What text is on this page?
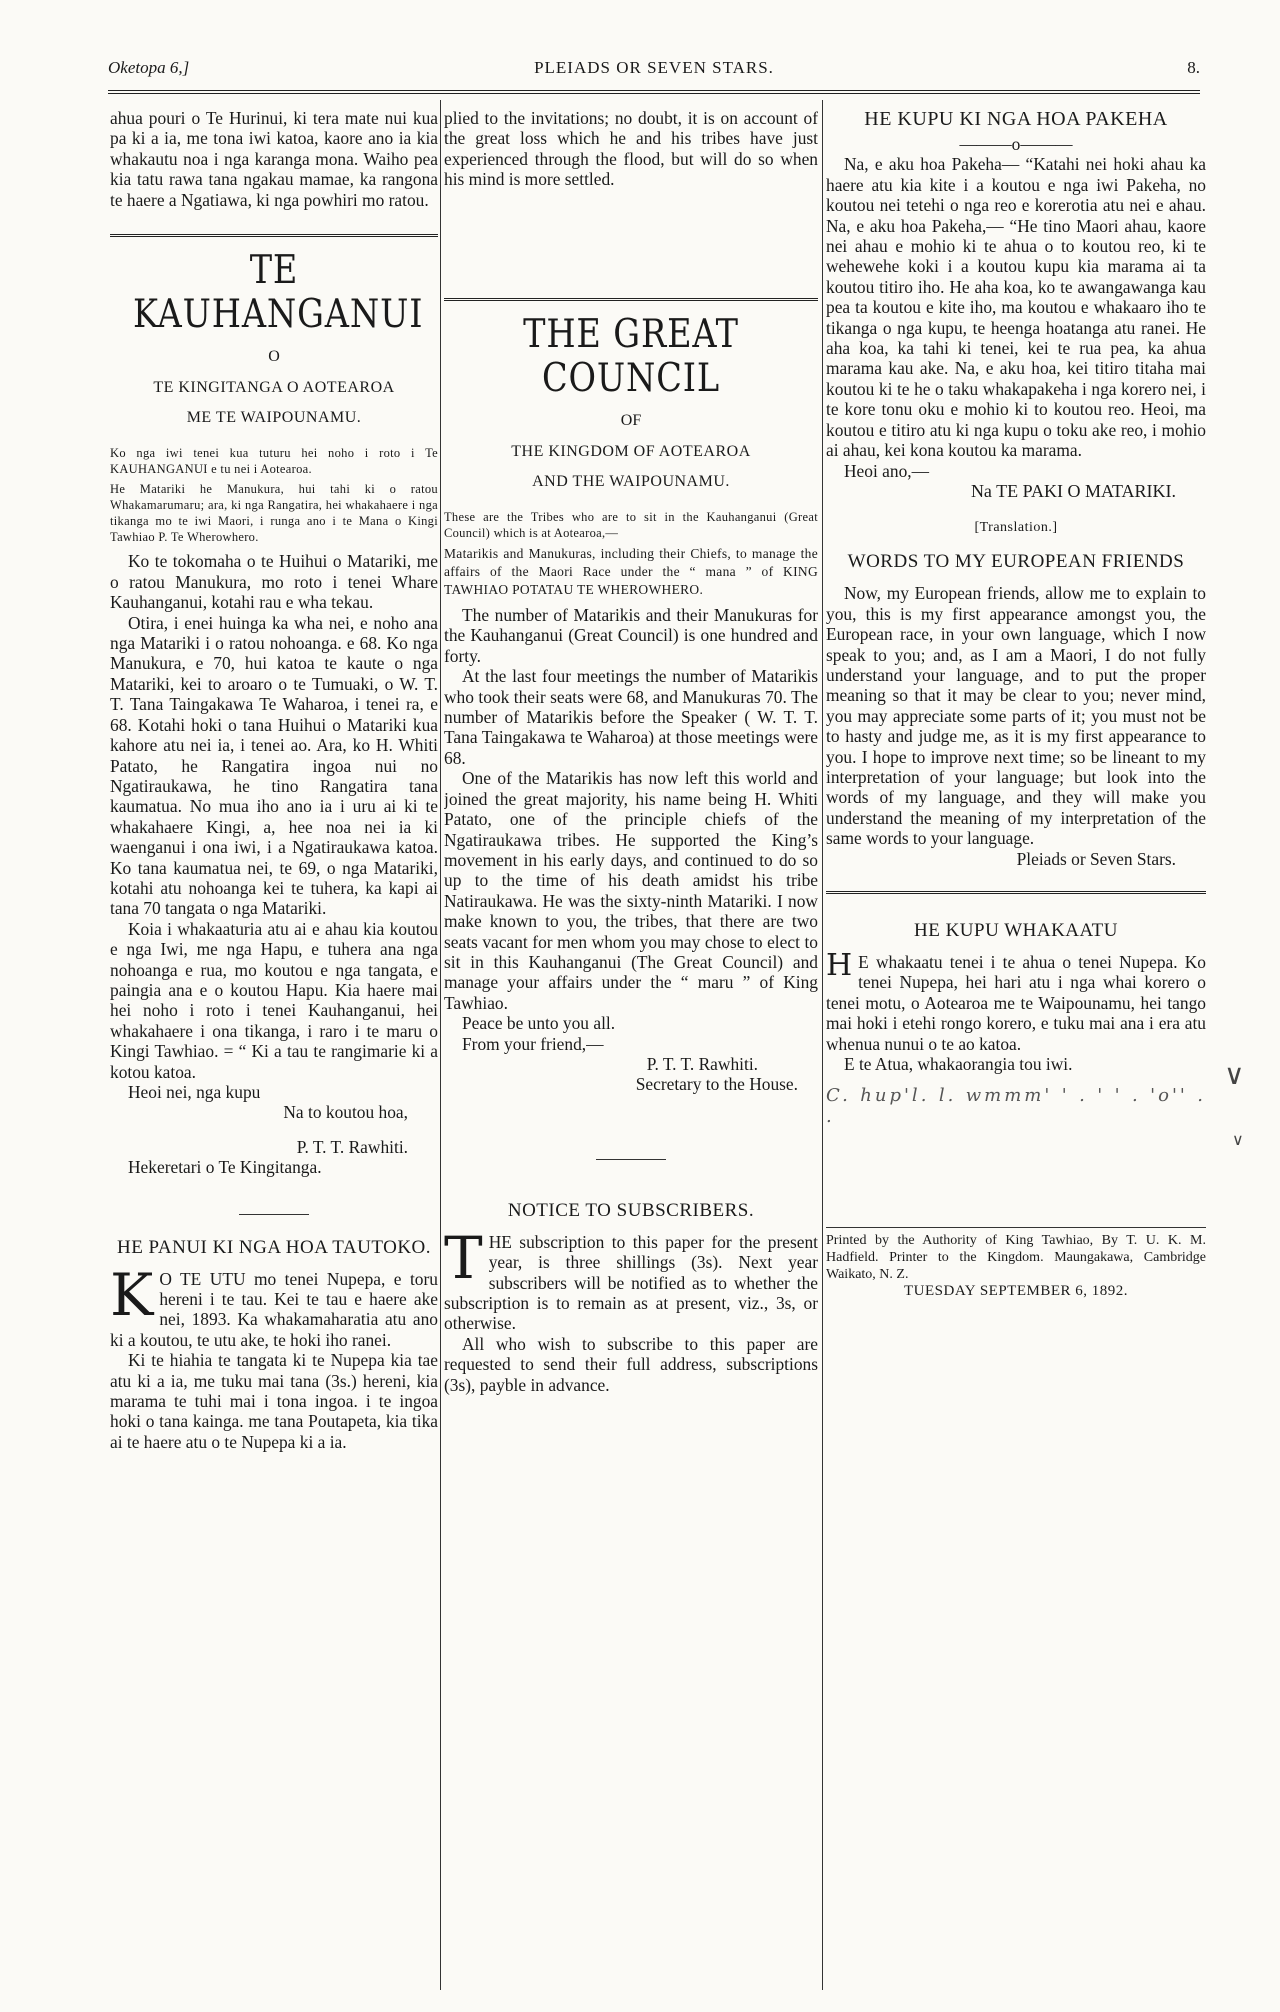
Oketopa 6,]	PLEIADS OR SEVEN STARS.	8.

ahua pouri o Te Hurinui, ki tera mate nui kua pa ki a ia, me tona iwi katoa, kaore ano ia kia whakautu noa i nga karanga mona. Waiho pea kia tatu rawa tana ngakau mamae, ka rangona te haere a Ngatiawa, ki nga powhiri mo ratou.

TE KAUHANGANUI
O
TE KINGITANGA O AOTEAROA
ME TE WAIPOUNAMU.

Ko nga iwi tenei kua tuturu hei noho i roto i Te KAUHANGANUI e tu nei i Aotearoa.

He Matariki he Manukura, hui tahi ki o ratou Whakamarumaru; ara, ki nga Rangatira, hei whakahaere i nga tikanga mo te iwi Maori, i runga ano i te Mana o Kingi Tawhiao P. Te Wherowhero.

Ko te tokomaha o te Huihui o Matariki, me o ratou Manukura, mo roto i tenei Whare Kauhanganui, kotahi rau e wha tekau.

Otira, i enei huinga ka wha nei, e noho ana nga Matariki i o ratou nohoanga. e 68. Ko nga Manukura, e 70, hui katoa te kaute o nga Matariki, kei to aroaro o te Tumuaki, o W. T. T. Tana Taingakawa Te Waharoa, i tenei ra, e 68. Kotahi hoki o tana Huihui o Matariki kua kahore atu nei ia, i tenei ao. Ara, ko H. Whiti Patato, he Rangatira ingoa nui no Ngatiraukawa, he tino Rangatira tana kaumatua. No mua iho ano ia i uru ai ki te whakahaere Kingi, a, hee noa nei ia ki waenganui i ona iwi, i a Ngatiraukawa katoa. Ko tana kaumatua nei, te 69, o nga Matariki, kotahi atu nohoanga kei te tuhera, ka kapi ai tana 70 tangata o nga Matariki.

Koia i whakaaturia atu ai e ahau kia koutou e nga Iwi, me nga Hapu, e tuhera ana nga nohoanga e rua, mo koutou e nga tangata, e paingia ana e o koutou Hapu. Kia haere mai hei noho i roto i tenei Kauhanganui, hei whakahaere i ona tikanga, i raro i te maru o Kingi Tawhiao. = “ Ki a tau te rangimarie ki a kotou katoa.

Heoi nei, nga kupu

Na to koutou hoa,

P. T. T. Rawhiti.

Hekeretari o Te Kingitanga.

HE PANUI KI NGA HOA TAUTOKO.

K O TE UTU mo tenei Nupepa, e toru hereni i te tau. Kei te tau e haere ake nei, 1893. Ka whakamaharatia atu ano ki a koutou, te utu ake, te hoki iho ranei.

Ki te hiahia te tangata ki te Nupepa kia tae atu ki a ia, me tuku mai tana (3s.) hereni, kia marama te tuhi mai i tona ingoa. i te ingoa hoki o tana kainga. me tana Poutapeta, kia tika ai te haere atu o te Nupepa ki a ia.

plied to the invitations; no doubt, it is on account of the great loss which he and his tribes have just experienced through the flood, but will do so when his mind is more settled.

THE GREAT COUNCIL
OF
THE KINGDOM OF AOTEAROA
AND THE WAIPOUNAMU.

These are the Tribes who are to sit in the Kauhanganui (Great Council) which is at Aotearoa,—

Matarikis and Manukuras, including their Chiefs, to manage the affairs of the Maori Race under the “ mana ” of KING TAWHIAO POTATAU TE WHEROWHERO.

The number of Matarikis and their Manukuras for the Kauhanganui (Great Council) is one hundred and forty.

At the last four meetings the number of Matarikis who took their seats were 68, and Manukuras 70. The number of Matarikis before the Speaker ( W. T. T. Tana Taingakawa te Waharoa) at those meetings were 68.

One of the Matarikis has now left this world and joined the great majority, his name being H. Whiti Patato, one of the principle chiefs of the Ngatiraukawa tribes. He supported the King’s movement in his early days, and continued to do so up to the time of his death amidst his tribe Natiraukawa. He was the sixty-ninth Matariki. I now make known to you, the tribes, that there are two seats vacant for men whom you may chose to elect to sit in this Kauhanganui (The Great Council) and manage your affairs under the “ maru ” of King Tawhiao.

Peace be unto you all.

From your friend,—

P. T. T. Rawhiti.

Secretary to the House.

NOTICE TO SUBSCRIBERS.

THE subscription to this paper for the present year, is three shillings (3s). Next year subscribers will be notified as to whether the subscription is to remain as at present, viz., 3s, or otherwise.

All who wish to subscribe to this paper are requested to send their full address, subscriptions (3s), payble in advance.

HE KUPU KI NGA HOA PAKEHA
———o———

Na, e aku hoa Pakeha— “Katahi nei hoki ahau ka haere atu kia kite i a koutou e nga iwi Pakeha, no koutou nei tetehi o nga reo e korerotia atu nei e ahau. Na, e aku hoa Pakeha,— “He tino Maori ahau, kaore nei ahau e mohio ki te ahua o to koutou reo, ki te wehewehe koki i a koutou kupu kia marama ai ta koutou titiro iho. He aha koa, ko te awangawanga kau pea ta koutou e kite iho, ma koutou e whakaaro iho te tikanga o nga kupu, te heenga hoatanga atu ranei. He aha koa, ka tahi ki tenei, kei te rua pea, ka ahua marama kau ake. Na, e aku hoa, kei titiro titaha mai koutou ki te he o taku whakapakeha i nga korero nei, i te kore tonu oku e mohio ki to koutou reo. Heoi, ma koutou e titiro atu ki nga kupu o toku ake reo, i mohio ai ahau, kei kona koutou ka marama.

Heoi ano,—

Na TE PAKI O MATARIKI.

[Translation.]

WORDS TO MY EUROPEAN FRIENDS

Now, my European friends, allow me to explain to you, this is my first appearance amongst you, the European race, in your own language, which I now speak to you; and, as I am a Maori, I do not fully understand your language, and to put the proper meaning so that it may be clear to you; never mind, you may appreciate some parts of it; you must not be to hasty and judge me, as it is my first appearance to you. I hope to improve next time; so be lineant to my interpretation of your language; but look into the words of my language, and they will make you understand the meaning of my interpretation of the same words to your language.

Pleiads or Seven Stars.

HE KUPU WHAKAATU

H E whakaatu tenei i te ahua o tenei Nupepa. Ko tenei Nupepa, hei hari atu i nga whai korero o tenei motu, o Aotearoa me te Waipounamu, hei tango mai hoki i etehi rongo korero, e tuku mai ana i era atu whenua nunui o te ao katoa.

E te Atua, whakaorangia tou iwi.

C. hup'l. l. wmmm' ' . ' ' . 'o'' . .

Printed by the Authority of King Tawhiao, By T. U. K. M. Hadfield. Printer to the Kingdom. Maungakawa, Cambridge Waikato, N. Z.

TUESDAY SEPTEMBER 6, 1892.

∨
∨
